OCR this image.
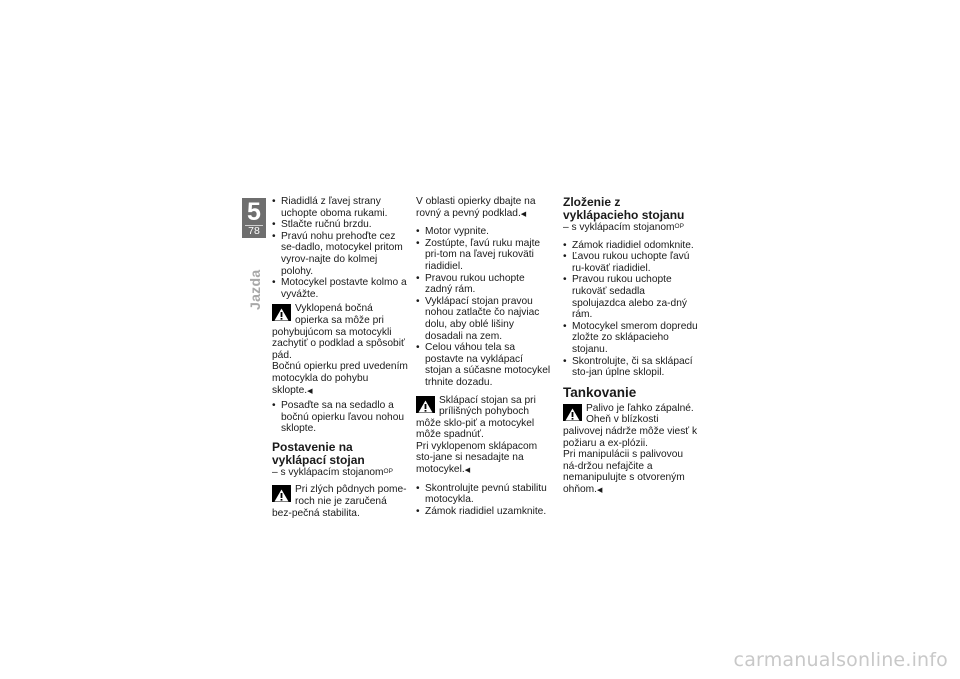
5
78
Jazda
• Riadidlá z ľavej strany uchopte oboma rukami.
• Stlačte ručnú brzdu.
• Pravú nohu prehoďte cez se-dadlo, motocykel pritom vyrov-najte do kolmej polohy.
• Motocykel postavte kolmo a vyvážte.

Vyklopená bočná opierka sa môže pri pohybujúcom sa motocykli zachytiť o podklad a spôsobiť pád.

Bočnú opierku pred uvedením motocykla do pohybu sklopte.◀

• Posaďte sa na sedadlo a bočnú opierku ľavou nohou sklopte.
Postavenie na vyklápací stojan

– s vyklápacím stojanom$^{OP}$

Pri zlých pôdnych pome-roch nie je zaručená bez-pečná stabilita.

V oblasti opierky dbajte na rovný a pevný podklad.◀

• Motor vypnite.
• Zostúpte, ľavú ruku majte pri-tom na ľavej rukoväti riadidiel.
• Pravou rukou uchopte zadný rám.
• Vyklápací stojan pravou nohou zatlačte čo najviac dolu, aby oblé lišiny dosadali na zem.
• Celou váhou tela sa postavte na vyklápací stojan a súčasne motocykel trhnite dozadu.

Sklápací stojan sa pri prílišných pohyboch môže sklo-piť a motocykel môže spadnúť.

Pri vyklopenom sklápacom sto-jane si nesadajte na motocykel.◀

• Skontrolujte pevnú stabilitu motocykla.
• Zámok riadidiel uzamknite.
Zloženie z vyklápacieho stojanu

– s vyklápacím stojanom$^{OP}$

• Zámok riadidiel odomknite.
• Ľavou rukou uchopte ľavú ru-koväť riadidiel.
• Pravou rukou uchopte rukoväť sedadla spolujazdca alebo za-dný rám.
• Motocykel smerom dopredu zložte zo sklápacieho stojanu.
• Skontrolujte, či sa sklápací sto-jan úplne sklopil.
Tankovanie

Palivo je ľahko zápalné. Oheň v blízkosti palivovej nádrže môže viesť k požiaru a ex-plózii.

Pri manipulácii s palivovou ná-držou nefajčite a nemanipulujte s otvoreným ohňom.◀

carmanualsonline.info
